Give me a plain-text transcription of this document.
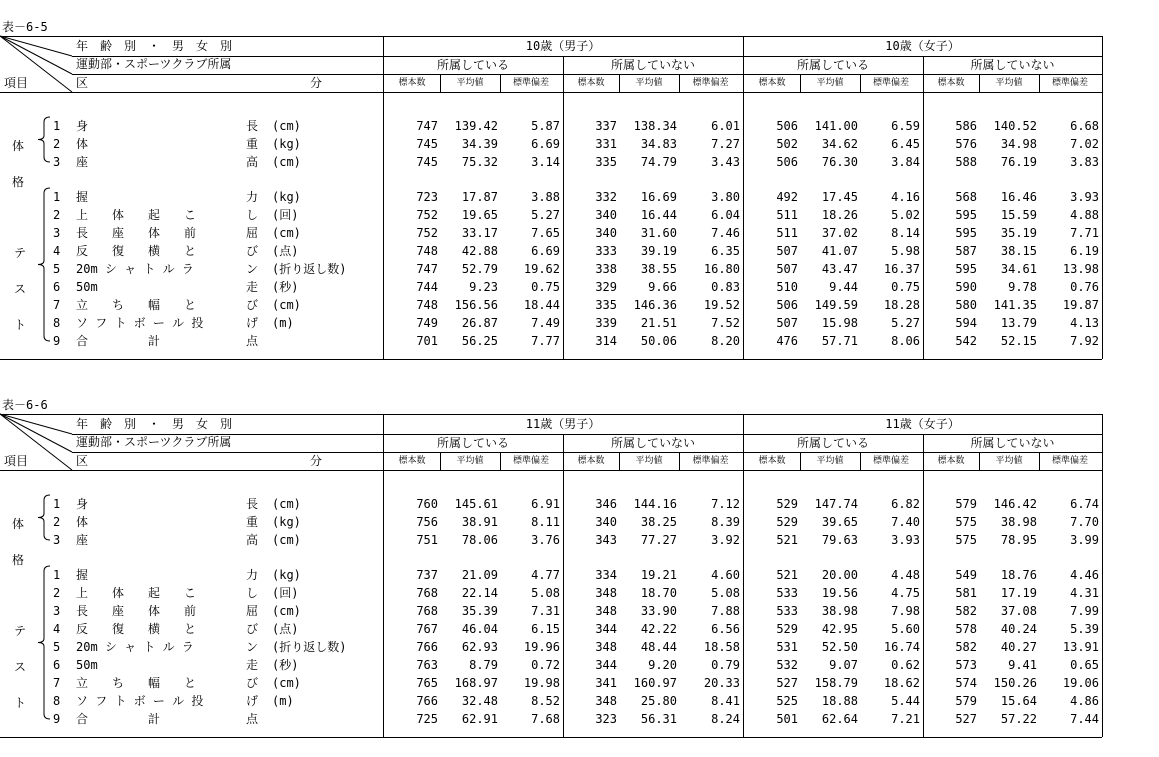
表－6-5
年　齢　別　・　男　女　別
運動部・スポーツクラブ所属
区	分
項目
10歳（男子）	10歳（女子）
所属している	所属していない	所属している	所属していない
標本数	平均値	標準偏差	標本数	平均値	標準偏差	標本数	平均値	標準偏差	標本数	平均値	標準偏差
体
格
テ
ス
ト
1 身	長 (cm)	747	139.42	5.87	337	138.34	6.01	506	141.00	6.59	586	140.52	6.68
2 体	重 (kg)	745	34.39	6.69	331	34.83	7.27	502	34.62	6.45	576	34.98	7.02
3 座	高 (cm)	745	75.32	3.14	335	74.79	3.43	506	76.30	3.84	588	76.19	3.83
1 握	力 (kg)	723	17.87	3.88	332	16.69	3.80	492	17.45	4.16	568	16.46	3.93
2 上　　体　　起　　こ	し (回)	752	19.65	5.27	340	16.44	6.04	511	18.26	5.02	595	15.59	4.88
3 長　　座　　体　　前	屈 (cm)	752	33.17	7.65	340	31.60	7.46	511	37.02	8.14	595	35.19	7.71
4 反　　復　　横　　と	び (点)	748	42.88	6.69	333	39.19	6.35	507	41.07	5.98	587	38.15	6.19
5 20m シ ャ ト ル ラ	ン (折り返し数)	747	52.79	19.62	338	38.55	16.80	507	43.47	16.37	595	34.61	13.98
6 50m	走 (秒)	744	9.23	0.75	329	9.66	0.83	510	9.44	0.75	590	9.78	0.76
7 立　　ち　　幅　　と	び (cm)	748	156.56	18.44	335	146.36	19.52	506	149.59	18.28	580	141.35	19.87
8 ソ フ ト ボ ー ル 投	げ (m)	749	26.87	7.49	339	21.51	7.52	507	15.98	5.27	594	13.79	4.13
9 合　　　　　計	点	701	56.25	7.77	314	50.06	8.20	476	57.71	8.06	542	52.15	7.92
表－6-6
年　齢　別　・　男　女　別
運動部・スポーツクラブ所属
区	分
項目
11歳（男子）	11歳（女子）
所属している	所属していない	所属している	所属していない
標本数	平均値	標準偏差	標本数	平均値	標準偏差	標本数	平均値	標準偏差	標本数	平均値	標準偏差
体
格
テ
ス
ト
1 身	長 (cm)	760	145.61	6.91	346	144.16	7.12	529	147.74	6.82	579	146.42	6.74
2 体	重 (kg)	756	38.91	8.11	340	38.25	8.39	529	39.65	7.40	575	38.98	7.70
3 座	高 (cm)	751	78.06	3.76	343	77.27	3.92	521	79.63	3.93	575	78.95	3.99
1 握	力 (kg)	737	21.09	4.77	334	19.21	4.60	521	20.00	4.48	549	18.76	4.46
2 上　　体　　起　　こ	し (回)	768	22.14	5.08	348	18.70	5.08	533	19.56	4.75	581	17.19	4.31
3 長　　座　　体　　前	屈 (cm)	768	35.39	7.31	348	33.90	7.88	533	38.98	7.98	582	37.08	7.99
4 反　　復　　横　　と	び (点)	767	46.04	6.15	344	42.22	6.56	529	42.95	5.60	578	40.24	5.39
5 20m シ ャ ト ル ラ	ン (折り返し数)	766	62.93	19.96	348	48.44	18.58	531	52.50	16.74	582	40.27	13.91
6 50m	走 (秒)	763	8.79	0.72	344	9.20	0.79	532	9.07	0.62	573	9.41	0.65
7 立　　ち　　幅　　と	び (cm)	765	168.97	19.98	341	160.97	20.33	527	158.79	18.62	574	150.26	19.06
8 ソ フ ト ボ ー ル 投	げ (m)	766	32.48	8.52	348	25.80	8.41	525	18.88	5.44	579	15.64	4.86
9 合　　　　　計	点	725	62.91	7.68	323	56.31	8.24	501	62.64	7.21	527	57.22	7.44
